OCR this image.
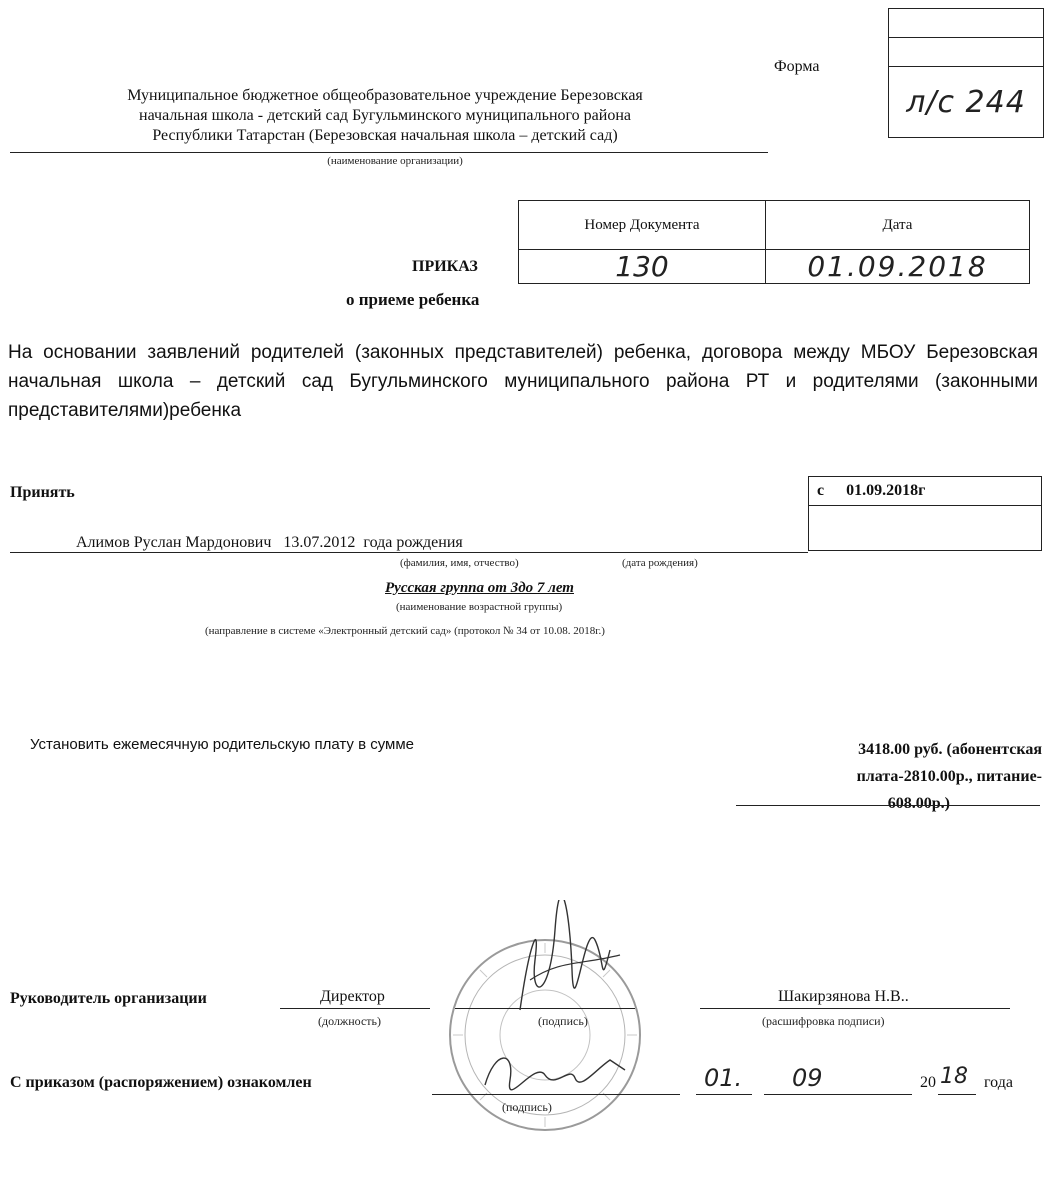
Форма

л/с 244
Муниципальное бюджетное общеобразовательное учреждение Березовская
начальная школа - детский сад Бугульминского муниципального района
Республики Татарстан (Березовская начальная школа – детский сад)
(наименование организации)
Номер Документа	Дата
130	01.09.2018
ПРИКАЗ
о приеме ребенка
На основании заявлений родителей (законных представителей) ребенка, договора между МБОУ Березовская начальная школа – детский сад Бугульминского муниципального района РТ и родителями (законными представителями)ребенка
Принять	с 01.09.2018г

Алимов Руслан Мардонович   13.07.2012  года рождения
(фамилия, имя, отчество)	(дата рождения)
Русская группа от 3до 7 лет
(наименование возрастной группы)
(направление в системе «Электронный детский сад» (протокол № 34 от 10.08. 2018г.)
Установить ежемесячную родительскую плату в сумме	3418.00 руб. (абонентская
плата-2810.00р., питание-
608.00р.)
Руководитель организации	Директор
(должность)	(подпись)
Шакирзянова Н.В..
(расшифровка подписи)
С приказом (распоряжением) ознакомлен
(подпись)
01. 09	20 18 года
